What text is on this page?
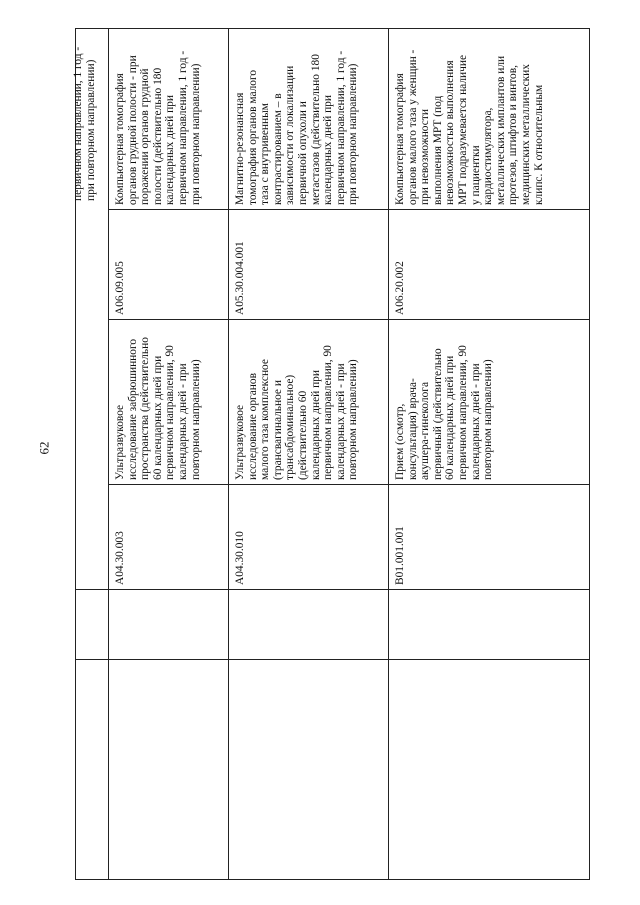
62

первичном направлении, 1 год - при повторном направлении) Компьютерная томография органов грудной полости - при поражении органов грудной полости (действительно 180 календарных дней при первичном направлении, 1 год - при повторном направлении)

A06.09.005

Ультразвуковое исследование забрюшинного пространства (действительно 60 календарных дней при первичном направлении, 90 календарных дней - при повторном направлении)

A04.30.003

Магнитно-резонансная томография органов малого таза с внутривенным контрастированием – в зависимости от локализации первичной опухоли и метастазов (действительно 180 календарных дней при первичном направлении, 1 год - при повторном направлении)

A05.30.004.001

Ультразвуковое исследование органов малого таза комплексное (трансвагинальное и трансабдоминальное) (действительно 60 календарных дней при первичном направлении, 90 календарных дней - при повторном направлении)

A04.30.010

Компьютерная томография органов малого таза у женщин - при невозможности выполнения МРТ (под невозможностью выполнения МРТ подразумевается наличие у пациентки кардиостимулятора, металлических имплантов или протезов, штифтов и винтов, медицинских металлических клипс. К относительным

A06.20.002

Прием (осмотр, консультация) врача- акушера-гинеколога первичный (действительно 60 календарных дней при первичном направлении, 90 календарных дней - при повторном направлении)

B01.001.001
